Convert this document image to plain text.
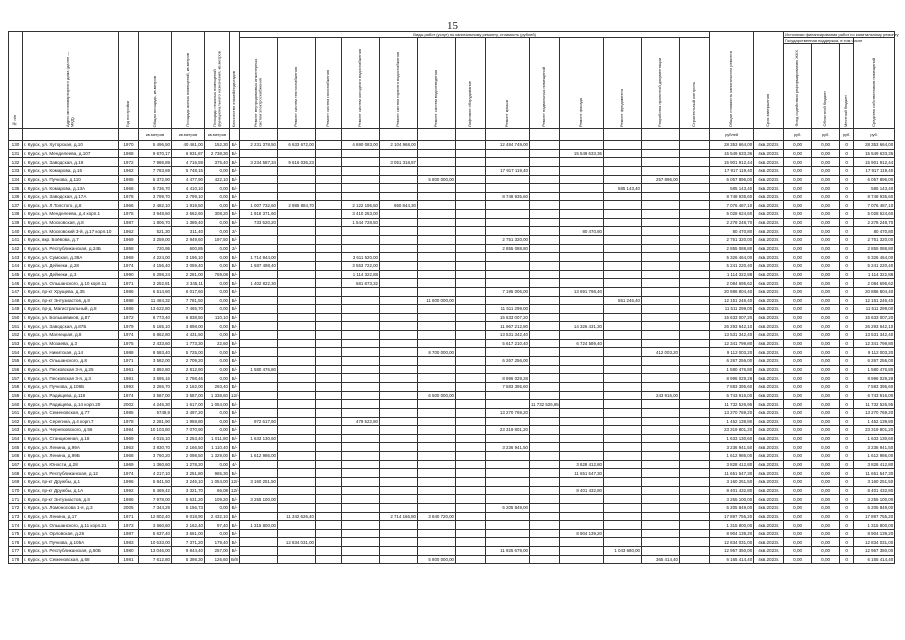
15
№ п/п	Адрес многоквартирного дома (далее — МКД)	Год постройки	Общая площадь, кв.метров	Площадь жилых помещений, кв.метров	Площадь нежилых помещений функционального назначения, кв.метров	Количество этажей/подъездов	Виды работ (услуг) по капитальному ремонту, стоимость (рублей)													Общая стоимость капитального ремонта	Срок завершения	Источники финансирования работ по капитальному ремонту			
							Ремонт внутридомовых инженерных систем электроснабжения	Ремонт систем теплоснабжения	Ремонт систем газоснабжения	Ремонт систем холодного водоснабжения	Ремонт систем горячего водоснабжения	Ремонт систем водоотведения	Лифтовое оборудование	Ремонт крыши	Ремонт подвальных помещений	Ремонт фасада	Ремонт фундамента	Разработка проектной документации	Строительный контроль			Государственная поддержка, в том числе			Средства собственников помещений
																						Фонд содействия реформированию ЖКХ	Областной бюджет	Местный бюджет	
			кв.метров	кв.метров	кв.метров															рублей		руб.	руб.	руб.	руб.
130	г. Курск, ул. Хуторская, д.10	1970	5 496,50	40 461,00	152,30	Б/-	2 231 378,50	6 633 672,00		4 690 083,00	2 104 968,00			12 484 749,00						28 353 664,00	4кв.2023г.	0,00	0,00	0	28 353 664,00
131	г. Курск, ул. Менделеева, д.107	1968	9 670,17	6 931,87	2 738,30	Б/-										15 549 633,36				15 549 633,36	4кв.2023г.	0,00	0,00	0	15 549 633,36
132	г. Курск, ул. Заводская, д.19	1972	7 986,89	4 716,59	375,40	Б/-	3 234 587,34	9 616 036,23			3 051 318,87									15 901 912,44	4кв.2023г.	0,00	0,00	0	15 901 912,44
133	г. Курск, ул. Комарова, д.15	1962	7 783,69	5 748,15	0,00	Б/-								17 917 119,40						17 917 119,40	4кв.2023г.	0,00	0,00	0	17 917 119,40
134	г. Курск, ул. Пучкова, д.110	1985	5 372,90	4 477,90	422,10	Б/-						5 800 000,00						257 896,00		6 057 896,00	4кв.2023г.	0,00	0,00	0	6 057 896,00
135	г. Курск, ул. Комарова, д.13А	1968	5 736,70	4 410,10	0,00	Б/-											585 143,40			585 143,40	4кв.2023г.	0,00	0,00	0	585 143,40
136	г. Курск, ул. Заводская, д.17А	1978	3 799,70	2 799,10	0,00	Б/-								8 748 935,60						8 748 935,60	4кв.2023г.	0,00	0,00	0	8 748 935,60
137	г. Курск, ул. Л.Толстого, д.8	1966	2 482,10	1 919,50	0,00	Б/-	1 007 732,60	2 985 884,70		2 122 195,50	950 844,30									7 076 487,10	4кв.2023г.	0,00	0,00	0	7 076 487,10
138	г. Курск, ул. Менделеева, д.4 корп.1	1975	3 948,60	2 662,60	308,20	Б/-	1 818 371,60			3 410 253,00										5 028 624,60	4кв.2023г.	0,00	0,00	0	5 028 624,60
139	г. Курск, ул. Московская, д.8	1987	1 806,70	1 389,40	0,00	Б/-	733 520,20			1 544 728,50										2 278 248,70	4кв.2023г.	0,00	0,00	0	2 278 248,70
140	г. Курск, ул. Московский 3-й, д.17 корп.10	1962	521,30	311,40	0,00	2/-										80 470,80				80 470,80	4кв.2023г.	0,00	0,00	0	80 470,80
141	г. Курск, вкр. Боёвова, д.7	1969	3 259,00	2 949,60	197,50	Б/-								2 751 320,00						2 751 320,00	4кв.2023г.	0,00	0,00	0	2 751 320,00
142	г. Курск, ул. Республиканская, д.24Б	1958	720,95	600,85	0,00	2/-								2 855 088,80						2 855 088,80	4кв.2023г.	0,00	0,00	0	2 855 088,80
143	г. Курск, ул. Сумская, д.38А	1969	4 224,00	3 196,10	0,00	Б/-	1 714 944,00			3 611 520,00										5 326 464,00	4кв.2023г.	0,00	0,00	0	5 326 464,00
144	г. Курск, ул. Дейнеки, д.28	1974	4 156,40	3 059,40	0,00	Б/-	1 687 498,40			3 553 722,00										5 241 220,40	4кв.2023г.	0,00	0,00	0	5 241 220,40
145	г. Курск, ул. Дейнеки, д.3	1990	5 298,24	2 281,00	769,08	Б/-				1 114 322,88										1 114 322,88	4кв.2023г.	0,00	0,00	0	1 114 322,88
146	г. Курск, ул. Ольшанского, д.10 корп.11	1971	3 252,81	2 345,11	0,00	Б/-	1 402 822,30			681 873,32										2 084 695,62	4кв.2023г.	0,00	0,00	0	2 084 695,62
147	г. Курск, пр-кт Хрущева, д.35	1986	6 514,60	6 017,60	0,00	Б/-								7 195 006,00		13 691 798,40				20 886 804,40	4кв.2023г.	0,00	0,00	0	20 886 804,40
148	г. Курск, пр-кт Энтузиастов, д.8	1988	11 484,32	7 781,50	0,00	Б/-						11 600 000,00					551 246,40			12 151 246,40	4кв.2023г.	0,00	0,00	0	12 151 246,40
149	г. Курск, пр-д. Магистральный, д.8	1986	13 622,80	7 465,70	0,00	Б/-								11 511 299,00						11 511 299,00	4кв.2023г.	0,00	0,00	0	11 511 299,00
150	г. Курск, ул. Большевиков, д.87	1972	8 773,40	6 838,50	110,10	Б/-								15 633 007,20						15 633 007,20	4кв.2023г.	0,00	0,00	0	15 633 007,20
151	г. Курск, ул. Заводская, д.87Б	1979	5 165,10	3 898,00	0,00	Б/-								11 967 212,80		14 326 431,30				26 293 642,10	4кв.2023г.	0,00	0,00	0	26 293 642,10
152	г. Курск, ул. Магнецкая, д.8	1974	5 862,80	4 431,50	0,00	Б/-								13 531 342,40						13 531 342,40	4кв.2023г.	0,00	0,00	0	13 531 342,40
153	г. Курск, ул. Мозаева, д.3	1975	2 433,60	1 773,30	22,60	Б/-								5 617 210,40		6 724 589,40				12 341 799,80	4кв.2023г.	0,00	0,00	0	12 341 799,80
154	г. Курск, ул. Никитская, д.14	1988	8 583,40	5 725,00	0,00	Б/-						8 700 000,00						412 003,20		9 112 003,20	4кв.2023г.	0,00	0,00	0	9 112 003,20
155	г. Курск, ул. Ольшанского, д.8	1971	3 582,00	2 709,20	0,00	Б/-								6 267 256,00						6 267 256,00	4кв.2023г.	0,00	0,00	0	6 267 256,00
156	г. Курск, ул. Песковская 3-я, д.25	1961	3 892,80	2 812,90	0,00	Б/-	1 580 476,80													1 580 476,80	4кв.2023г.	0,00	0,00	0	1 580 476,80
157	г. Курск, ул. Песковская 3-я, д.3	1981	3 695,16	2 798,46	0,00	Б/-								8 996 029,28						8 996 029,28	4кв.2023г.	0,00	0,00	0	8 996 029,28
158	г. Курск, ул. Пучкова, д.106Б	1993	3 266,70	2 162,00	293,40	Б/-								7 583 395,60						7 583 395,60	4кв.2023г.	0,00	0,00	0	7 583 395,60
159	г. Курск, ул. Радищева, д.118	1974	3 587,00	3 587,00	1 338,60	12/-						6 500 000,00						243 916,00		6 743 916,00	4кв.2023г.	0,00	0,00	0	6 743 916,00
160	г. Курск, ул. Радищева, д.14 корп.20	2002	4 246,30	1 617,00	1 054,00	Б/-									11 732 526,95					11 732 526,95	4кв.2023г.	0,00	0,00	0	11 732 526,95
161	г. Курск, ул. Семеновская, д.77	1985	5749,9	3 497,20	0,00	Б/-								13 270 769,20						13 270 769,20	4кв.2023г.	0,00	0,00	0	13 270 769,20
162	г. Курск, ул. Серегина, д.4 корп.7	1978	2 281,90	1 959,80	0,00	Б/-	972 617,60			479 522,80										1 452 139,80	4кв.2023г.	0,00	0,00	0	1 452 139,80
163	г. Курск, ул. Черняховского, д.56	1984	10 103,80	7 070,90	0,00	Б/-								23 319 801,20						23 319 801,20	4кв.2023г.	0,00	0,00	0	23 319 801,20
164	г. Курск, ул. Станционная, д.18	1969	4 015,10	3 253,40	1 011,80	Б/-	1 633 130,60													1 633 130,60	4кв.2023г.	0,00	0,00	0	1 633 130,60
165	г. Курск, ул. Ленина, д.99А	1963	3 830,70	2 166,50	1 110,40	Б/-								3 236 941,50						3 236 941,50	4кв.2023г.	0,00	0,00	0	3 236 941,50
166	г. Курск, ул. Ленина, д.99Б	1968	3 760,20	2 098,50	1 329,00	Б/-	1 612 986,00													1 612 986,00	4кв.2023г.	0,00	0,00	0	1 612 986,00
167	г. Курск, ул. Юности, д.28	1969	1 360,60	1 278,20	0,00	4/-										3 828 412,80				3 828 412,80	4кв.2023г.	0,00	0,00	0	3 828 412,80
168	г. Курск, ул. Республиканская, д.12	1974	4 217,10	3 251,80	965,30	Б/-										11 651 547,30				11 651 547,30	4кв.2023г.	0,00	0,00	0	11 651 547,30
169	г. Курск, пр-кт Дружбы, д.1	1996	5 841,50	3 246,10	1 054,00	12/-	3 160 251,50													3 160 251,50	4кв.2023г.	0,00	0,00	0	3 160 251,50
170	г. Курск, пр-кт Дружбы, д.1А	1992	5 469,42	3 321,70	66,08	12/-										8 401 432,80				8 401 432,80	4кв.2023г.	0,00	0,00	0	8 401 432,80
171	г. Курск, пр-кт Энтузиастов, д.8	1986	7 978,00	5 631,20	109,20	Б/-	3 255 100,00													3 255 100,00	4кв.2023г.	0,00	0,00	0	3 255 100,00
172	г. Курск, ул. Ломоносова 1-я, д.3	2005	7 344,29	5 156,73	0,00	Б/-								6 205 849,00						6 205 849,00	4кв.2023г.	0,00	0,00	0	6 205 849,00
173	г. Курск, ул. Ленина, д.17	1971	12 802,40	9 018,90	2 432,10	Б/-		11 342 626,40			2 714 166,80	3 840 720,00								17 897 755,20	4кв.2023г.	0,00	0,00	0	17 897 755,20
174	г. Курск, ул. Ольшанского, д.11 корп.21	1973	3 660,60	2 162,40	97,40	Б/-	1 315 800,00													1 315 800,00	4кв.2023г.	0,00	0,00	0	1 315 800,00
175	г. Курск, ул. Орловская, д.26	1987	5 637,40	3 661,00	0,00	Б/-										8 904 139,20				8 904 139,20	4кв.2023г.	0,00	0,00	0	8 904 139,20
176	г. Курск, ул. Пучкова, д.105А	1983	10 633,00	7 371,20	179,40	Б/-		12 834 031,00												12 834 031,00	4кв.2023г.	0,00	0,00	0	12 834 031,00
177	г. Курск, ул. Республиканская, д.50Б	1980	13 046,00	9 844,40	257,00	Б/-								11 925 679,00			1 043 680,00			12 967 350,00	4кв.2023г.	0,00	0,00	0	12 967 350,00
178	г. Курск, ул. Семеновская, д.68	1981	7 612,80	5 398,30	126,60	Б/8						5 800 000,00						365 414,40		6 165 414,40	4кв.2023г.	0,00	0,00	0	6 165 414,40
